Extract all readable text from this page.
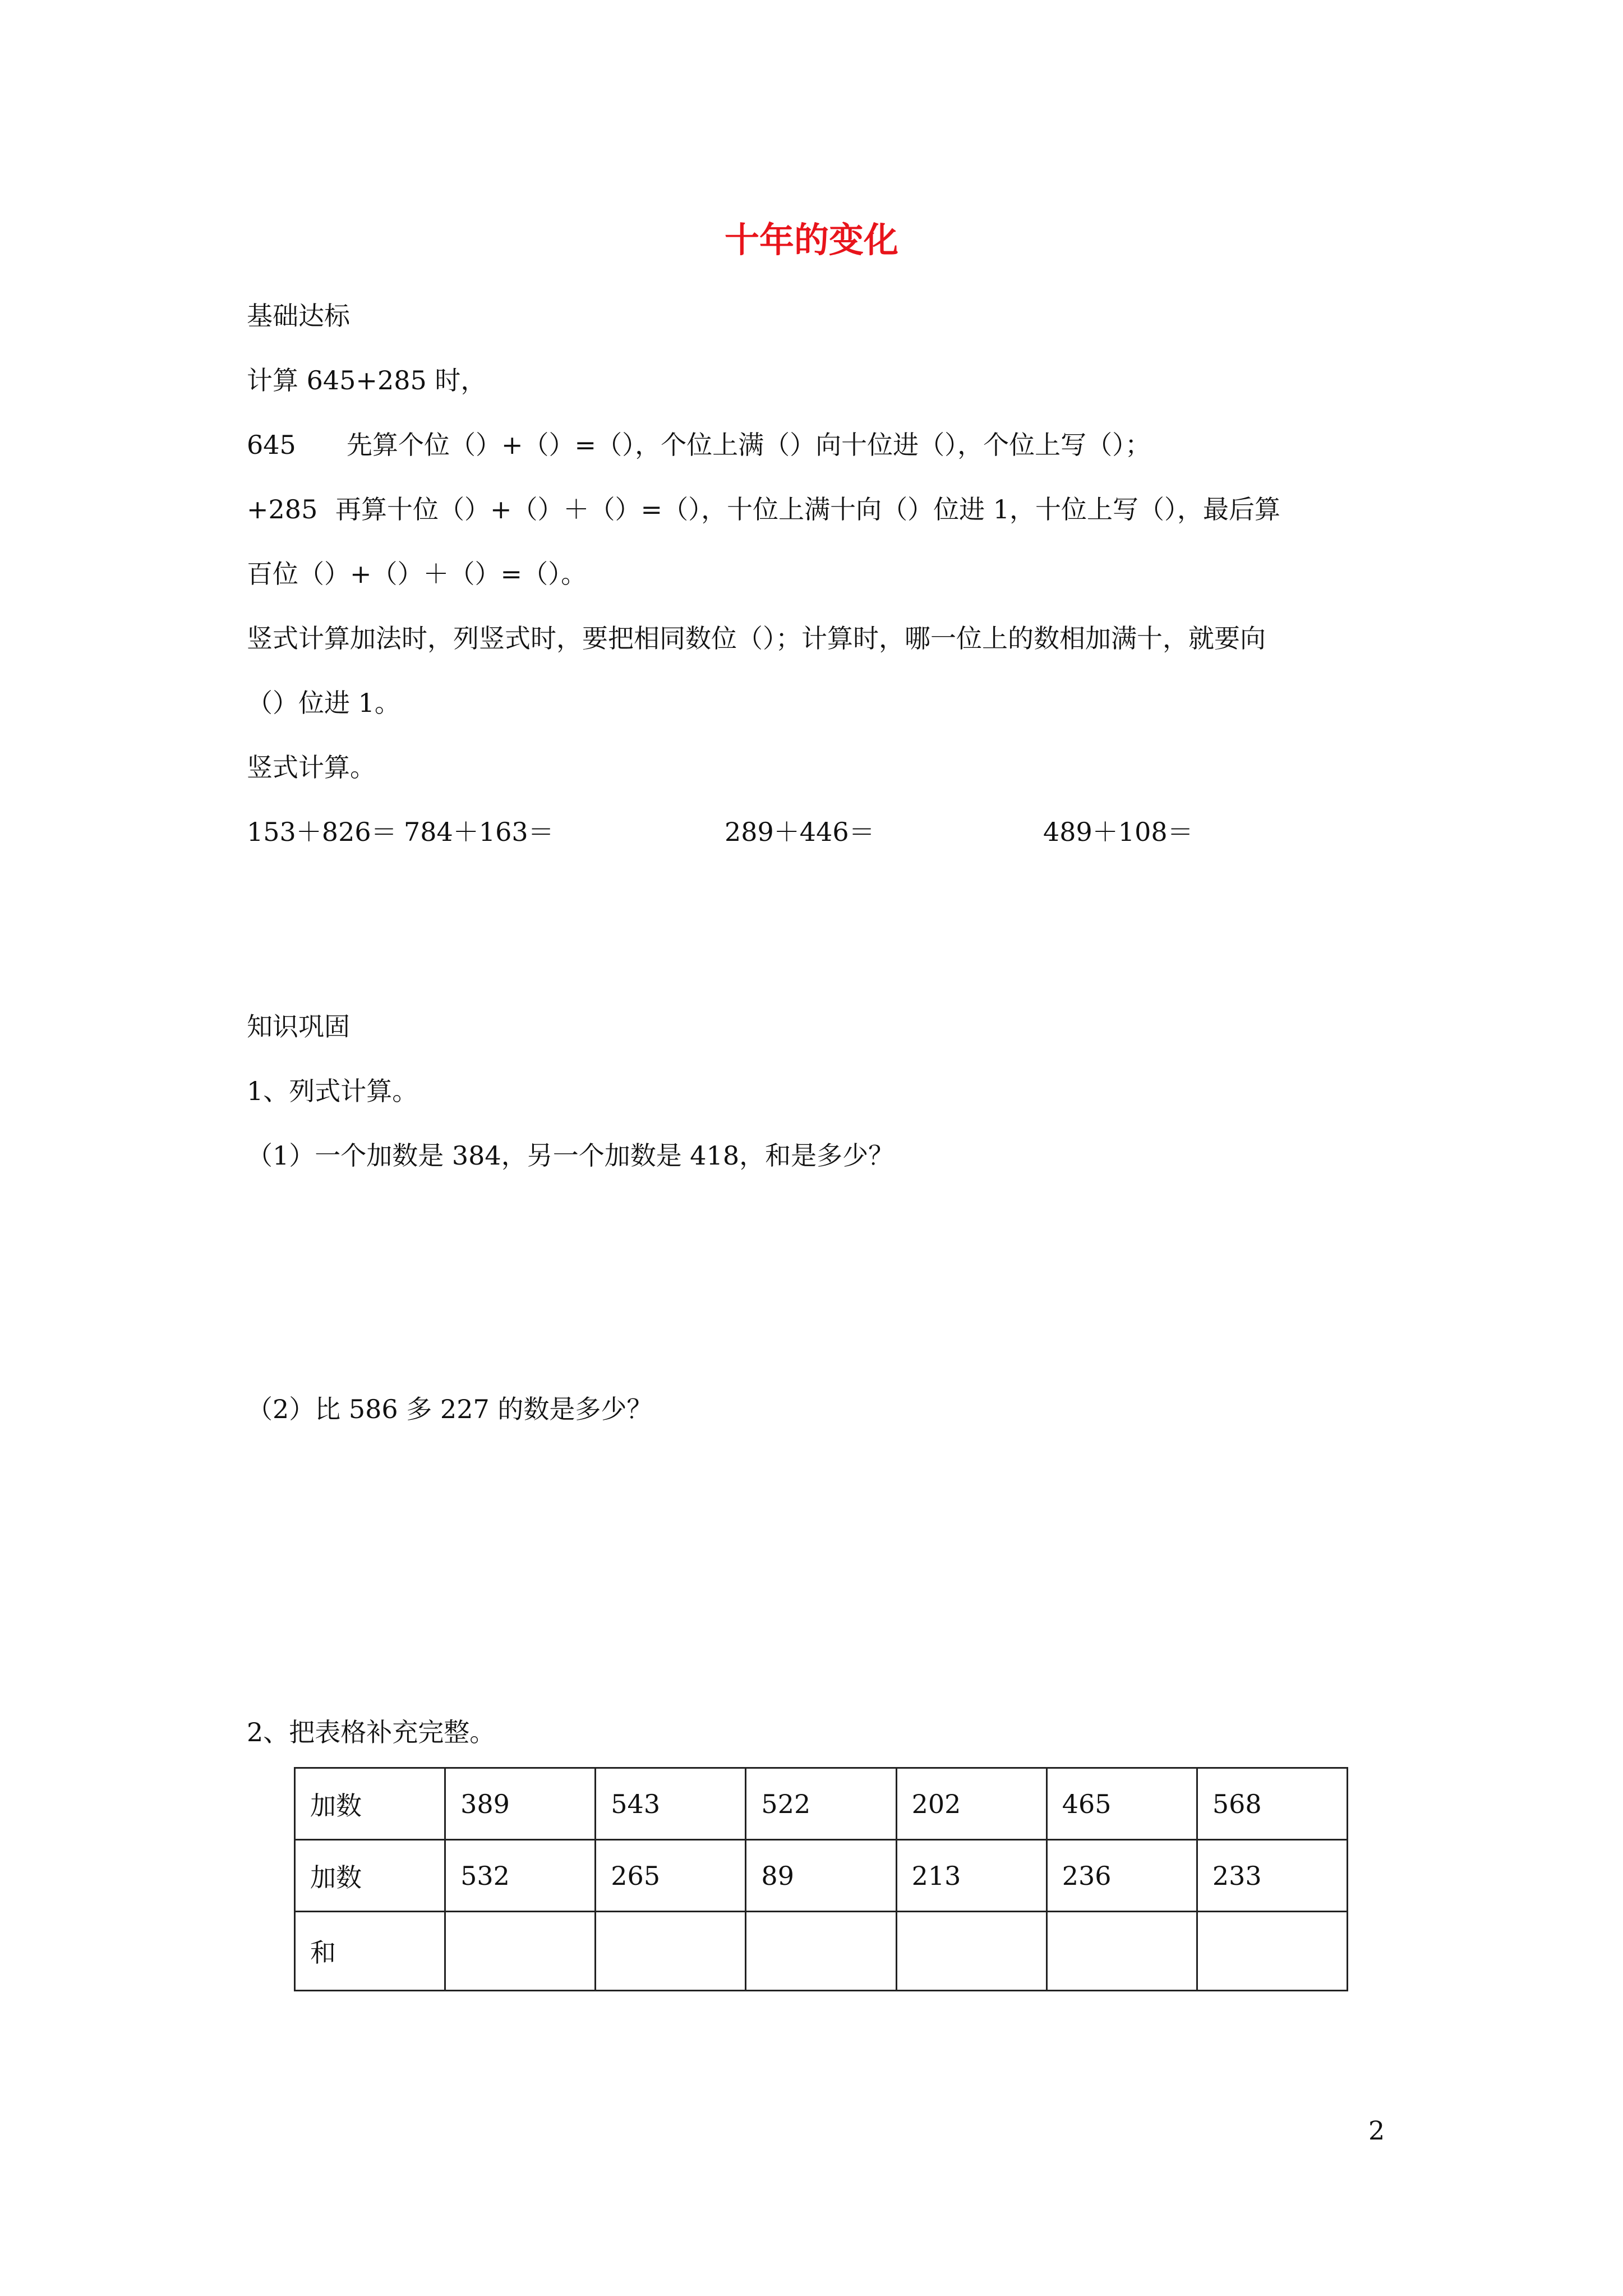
十年的变化
基础达标
计算 645+285 时，
645 先算个位（）+（）=（），个位上满（）向十位进（），个位上写（）；
+285 再算十位（）+（）＋（）=（），十位上满十向（）位进 1，十位上写（），最后算
百位（）+（）＋（）=（）。
竖式计算加法时，列竖式时，要把相同数位（）；计算时，哪一位上的数相加满十，就要向
（）位进 1。
竖式计算。
153＋826＝ 784＋163＝	289＋446＝	489＋108＝
知识巩固
1、列式计算。
（1）一个加数是 384，另一个加数是 418，和是多少？
（2）比 586 多 227 的数是多少？
2、把表格补充完整。
加数	389	543	522	202	465	568
加数	532	265	89	213	236	233
和						
2
